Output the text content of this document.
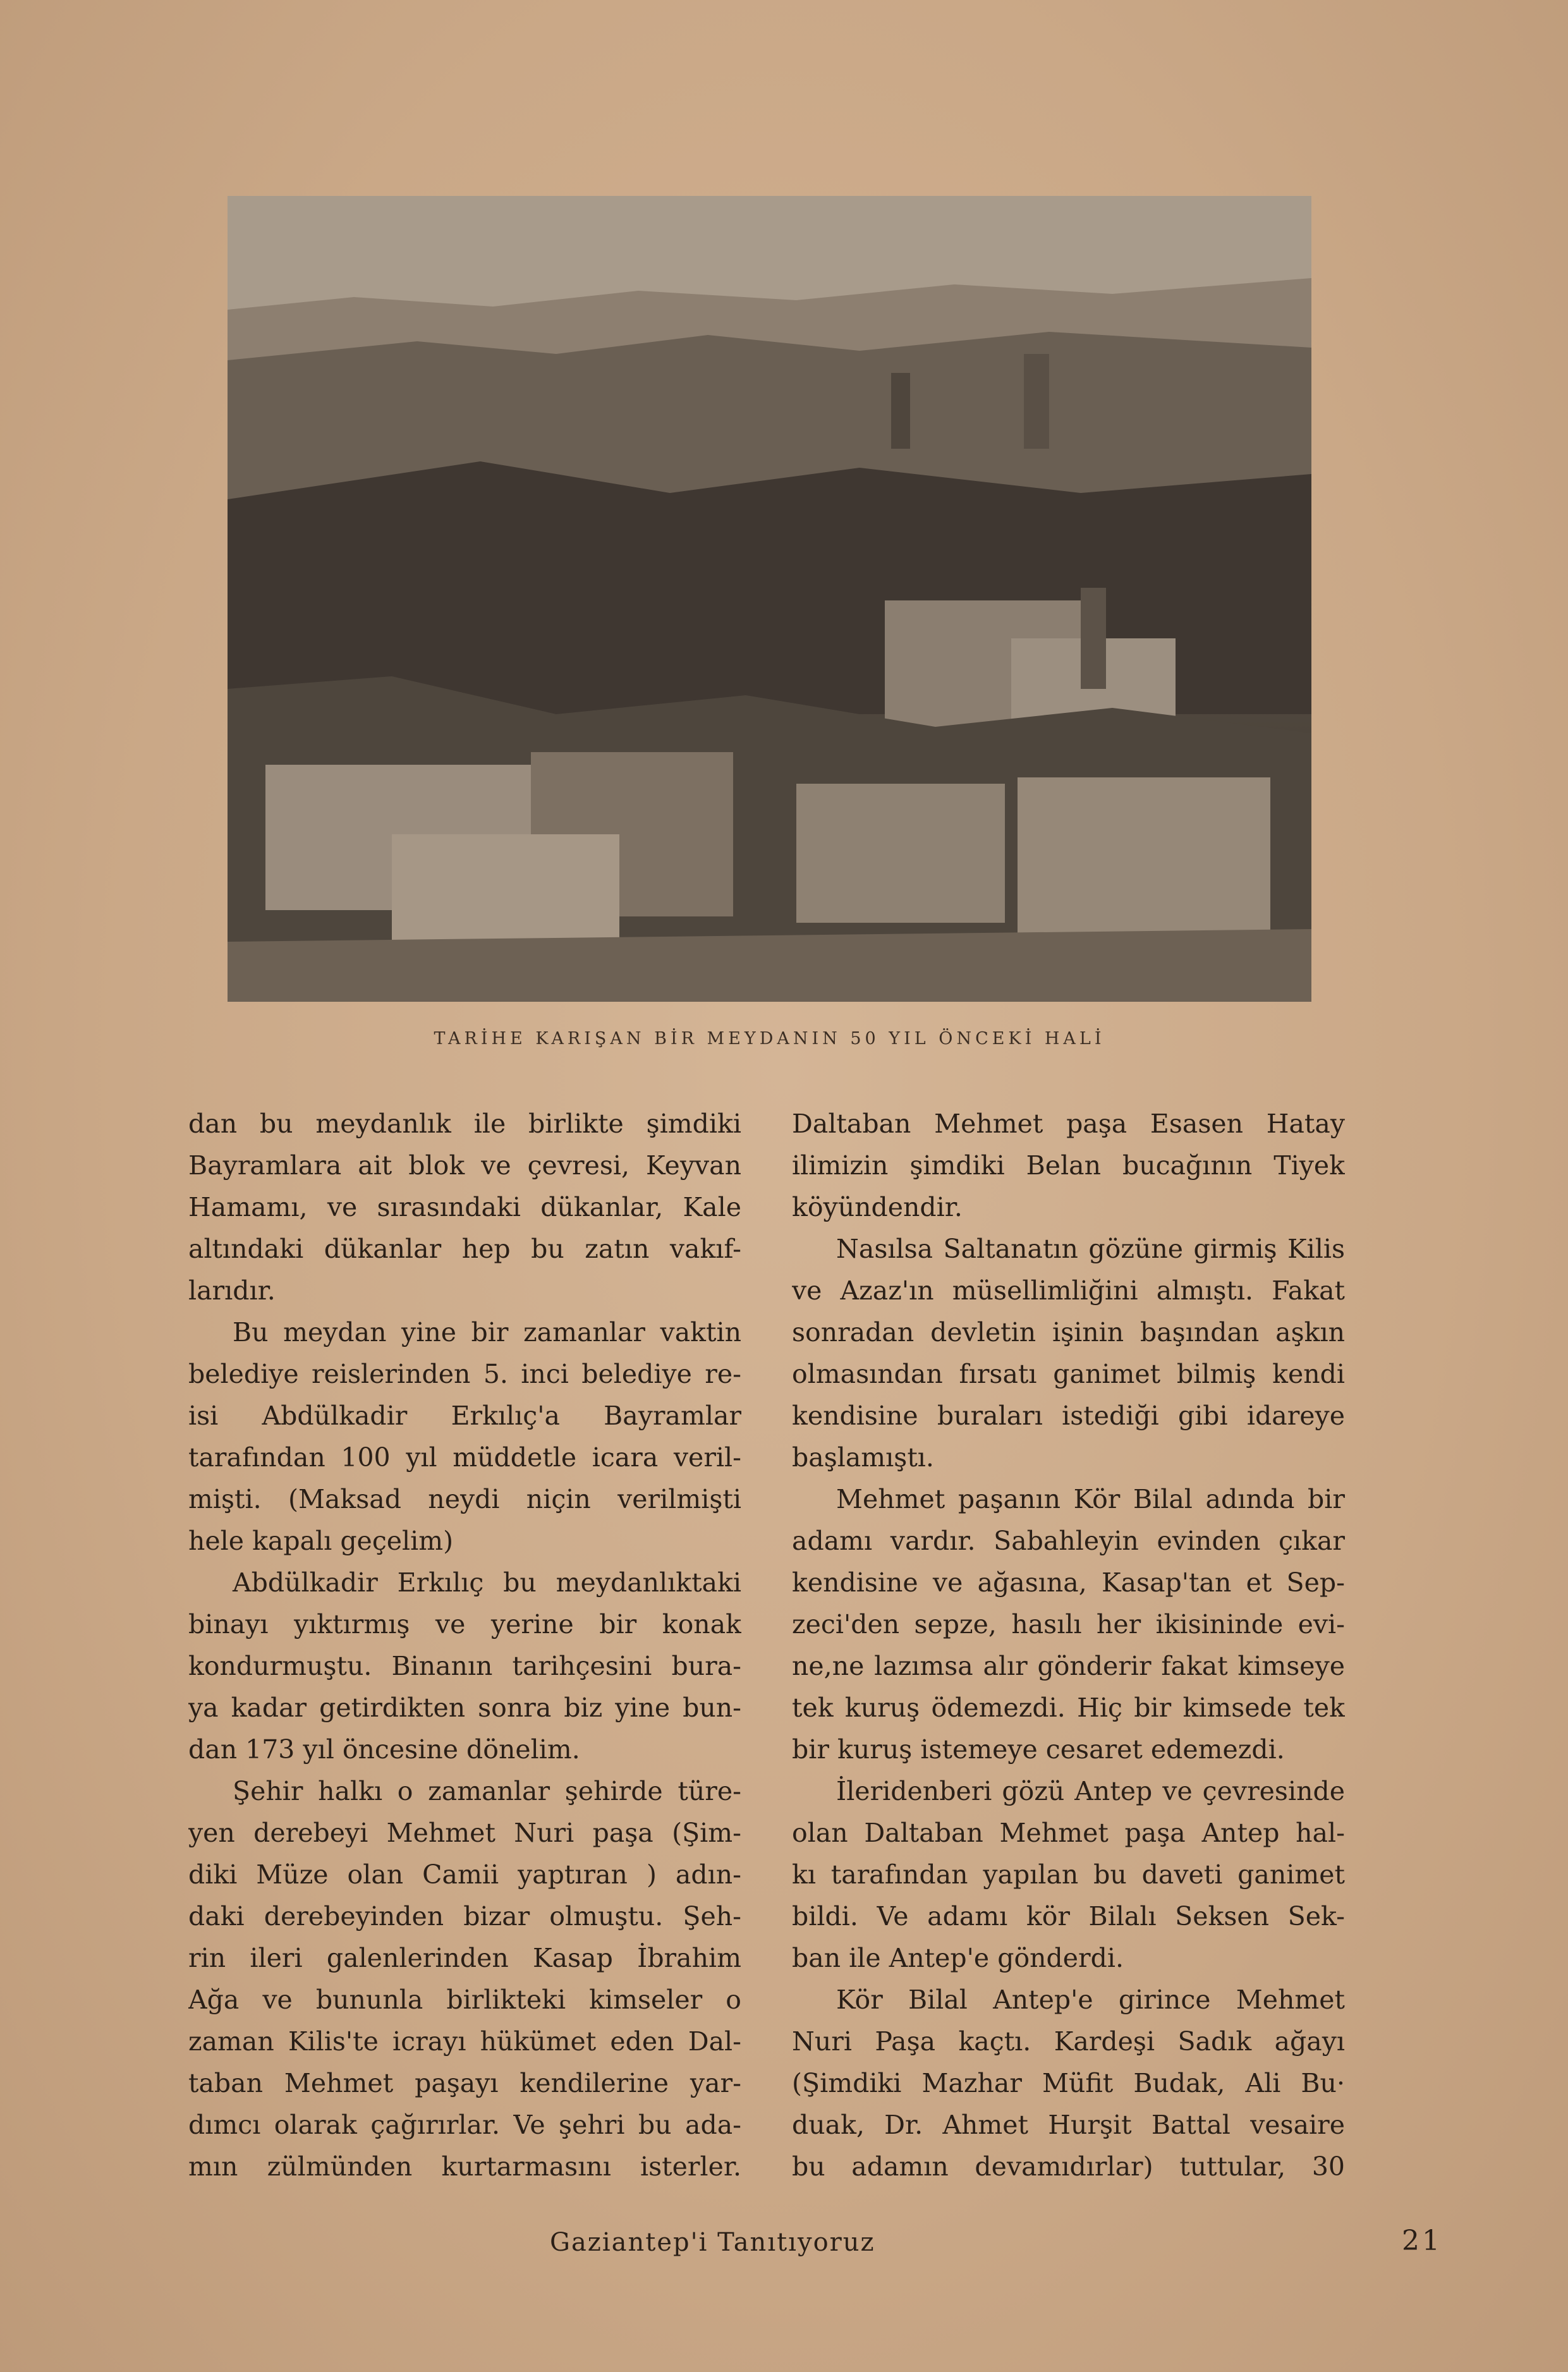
TARİHE KARIŞAN BİR MEYDANIN 50 YIL ÖNCEKİ HALİ

dan bu meydanlık ile birlikte şimdiki

Bayramlara ait blok ve çevresi, Keyvan

Hamamı, ve sırasındaki dükanlar, Kale

altındaki dükanlar hep bu zatın vakıf-

larıdır.

Bu meydan yine bir zamanlar vaktin

belediye reislerinden 5. inci belediye re-

isi Abdülkadir Erkılıç'a Bayramlar

tarafından 100 yıl müddetle icara veril-

mişti. (Maksad neydi niçin verilmişti

hele kapalı geçelim)

Abdülkadir Erkılıç bu meydanlıktaki

binayı yıktırmış ve yerine bir konak

kondurmuştu. Binanın tarihçesini bura-

ya kadar getirdikten sonra biz yine bun-

dan 173 yıl öncesine dönelim.

Şehir halkı o zamanlar şehirde türe-

yen derebeyi Mehmet Nuri paşa (Şim-

diki Müze olan Camii yaptıran ) adın-

daki derebeyinden bizar olmuştu. Şeh-

rin ileri galenlerinden Kasap İbrahim

Ağa ve bununla birlikteki kimseler o

zaman Kilis'te icrayı hükümet eden Dal-

taban Mehmet paşayı kendilerine yar-

dımcı olarak çağırırlar. Ve şehri bu ada-

mın zülmünden kurtarmasını isterler.

Daltaban Mehmet paşa Esasen Hatay

ilimizin şimdiki Belan bucağının Tiyek

köyündendir.

Nasılsa Saltanatın gözüne girmiş Kilis

ve Azaz'ın müsellimliğini almıştı. Fakat

sonradan devletin işinin başından aşkın

olmasından fırsatı ganimet bilmiş kendi

kendisine buraları istediği gibi idareye

başlamıştı.

Mehmet paşanın Kör Bilal adında bir

adamı vardır. Sabahleyin evinden çıkar

kendisine ve ağasına, Kasap'tan et Sep-

zeci'den sepze, hasılı her ikisininde evi-

ne,ne lazımsa alır gönderir fakat kimseye

tek kuruş ödemezdi. Hiç bir kimsede tek

bir kuruş istemeye cesaret edemezdi.

İleridenberi gözü Antep ve çevresinde

olan Daltaban Mehmet paşa Antep hal-

kı tarafından yapılan bu daveti ganimet

bildi. Ve adamı kör Bilalı Seksen Sek-

ban ile Antep'e gönderdi.

Kör Bilal Antep'e girince Mehmet

Nuri Paşa kaçtı. Kardeşi Sadık ağayı

(Şimdiki Mazhar Müfit Budak, Ali Bu·

duak, Dr. Ahmet Hurşit Battal vesaire

bu adamın devamıdırlar) tuttular, 30

Gaziantep'i Tanıtıyoruz	21
